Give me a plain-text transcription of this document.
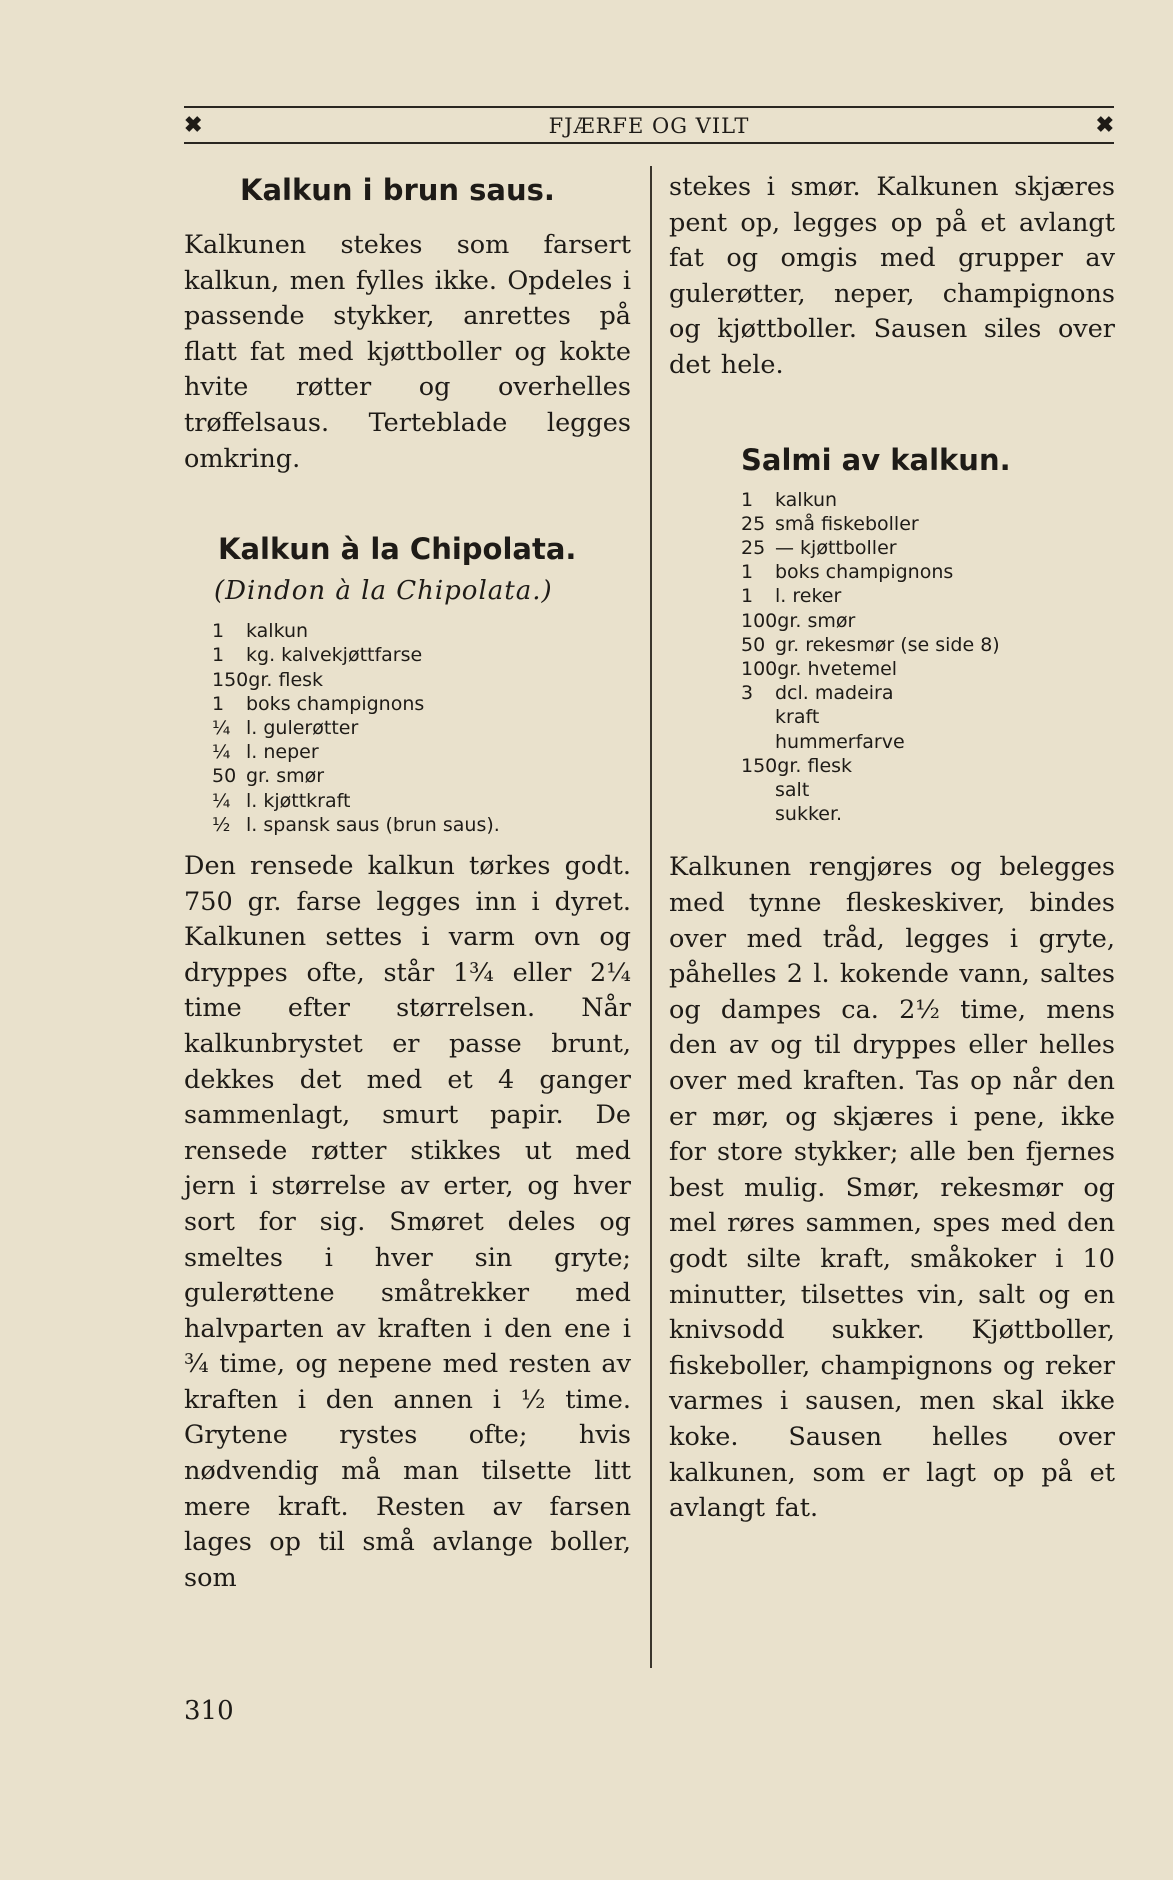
✖	FJÆRFE OG VILT	✖
Kalkun i brun saus.

Kalkunen stekes som farsert kalkun, men fylles ikke. Opdeles i passende stykker, anrettes på flatt fat med kjøttboller og kokte hvite røtter og overhelles trøffelsaus. Terteblade legges omkring.

Kalkun à la Chipolata.
(Dindon à la Chipolata.)
1 kalkun
1 kg. kalvekjøttfarse
150gr. flesk
1 boks champignons
¼ l. gulerøtter
¼ l. neper
50 gr. smør
¼ l. kjøttkraft
½ l. spansk saus (brun saus).

Den rensede kalkun tørkes godt. 750 gr. farse legges inn i dyret. Kalkunen settes i varm ovn og dryppes ofte, står 1¾ eller 2¼ time efter størrelsen. Når kalkunbrystet er passe brunt, dekkes det med et 4 ganger sammenlagt, smurt papir. De rensede røtter stikkes ut med jern i størrelse av erter, og hver sort for sig. Smøret deles og smeltes i hver sin gryte; gulerøttene småtrekker med halvparten av kraften i den ene i ¾ time, og nepene med resten av kraften i den annen i ½ time. Grytene rystes ofte; hvis nødvendig må man tilsette litt mere kraft. Resten av farsen lages op til små avlange boller, som

stekes i smør. Kalkunen skjæres pent op, legges op på et avlangt fat og omgis med grupper av gulerøtter, neper, champignons og kjøttboller. Sausen siles over det hele.

Salmi av kalkun.
1 kalkun
25 små fiskeboller
25 — kjøttboller
1 boks champignons
1 l. reker
100gr. smør
50 gr. rekesmør (se side 8)
100gr. hvetemel
3 dcl. madeira
kraft
hummerfarve
150gr. flesk
salt
sukker.

Kalkunen rengjøres og belegges med tynne fleskeskiver, bindes over med tråd, legges i gryte, påhelles 2 l. kokende vann, saltes og dampes ca. 2½ time, mens den av og til dryppes eller helles over med kraften. Tas op når den er mør, og skjæres i pene, ikke for store stykker; alle ben fjernes best mulig. Smør, rekesmør og mel røres sammen, spes med den godt silte kraft, småkoker i 10 minutter, tilsettes vin, salt og en knivsodd sukker. Kjøttboller, fiskeboller, champignons og reker varmes i sausen, men skal ikke koke. Sausen helles over kalkunen, som er lagt op på et avlangt fat.

310
